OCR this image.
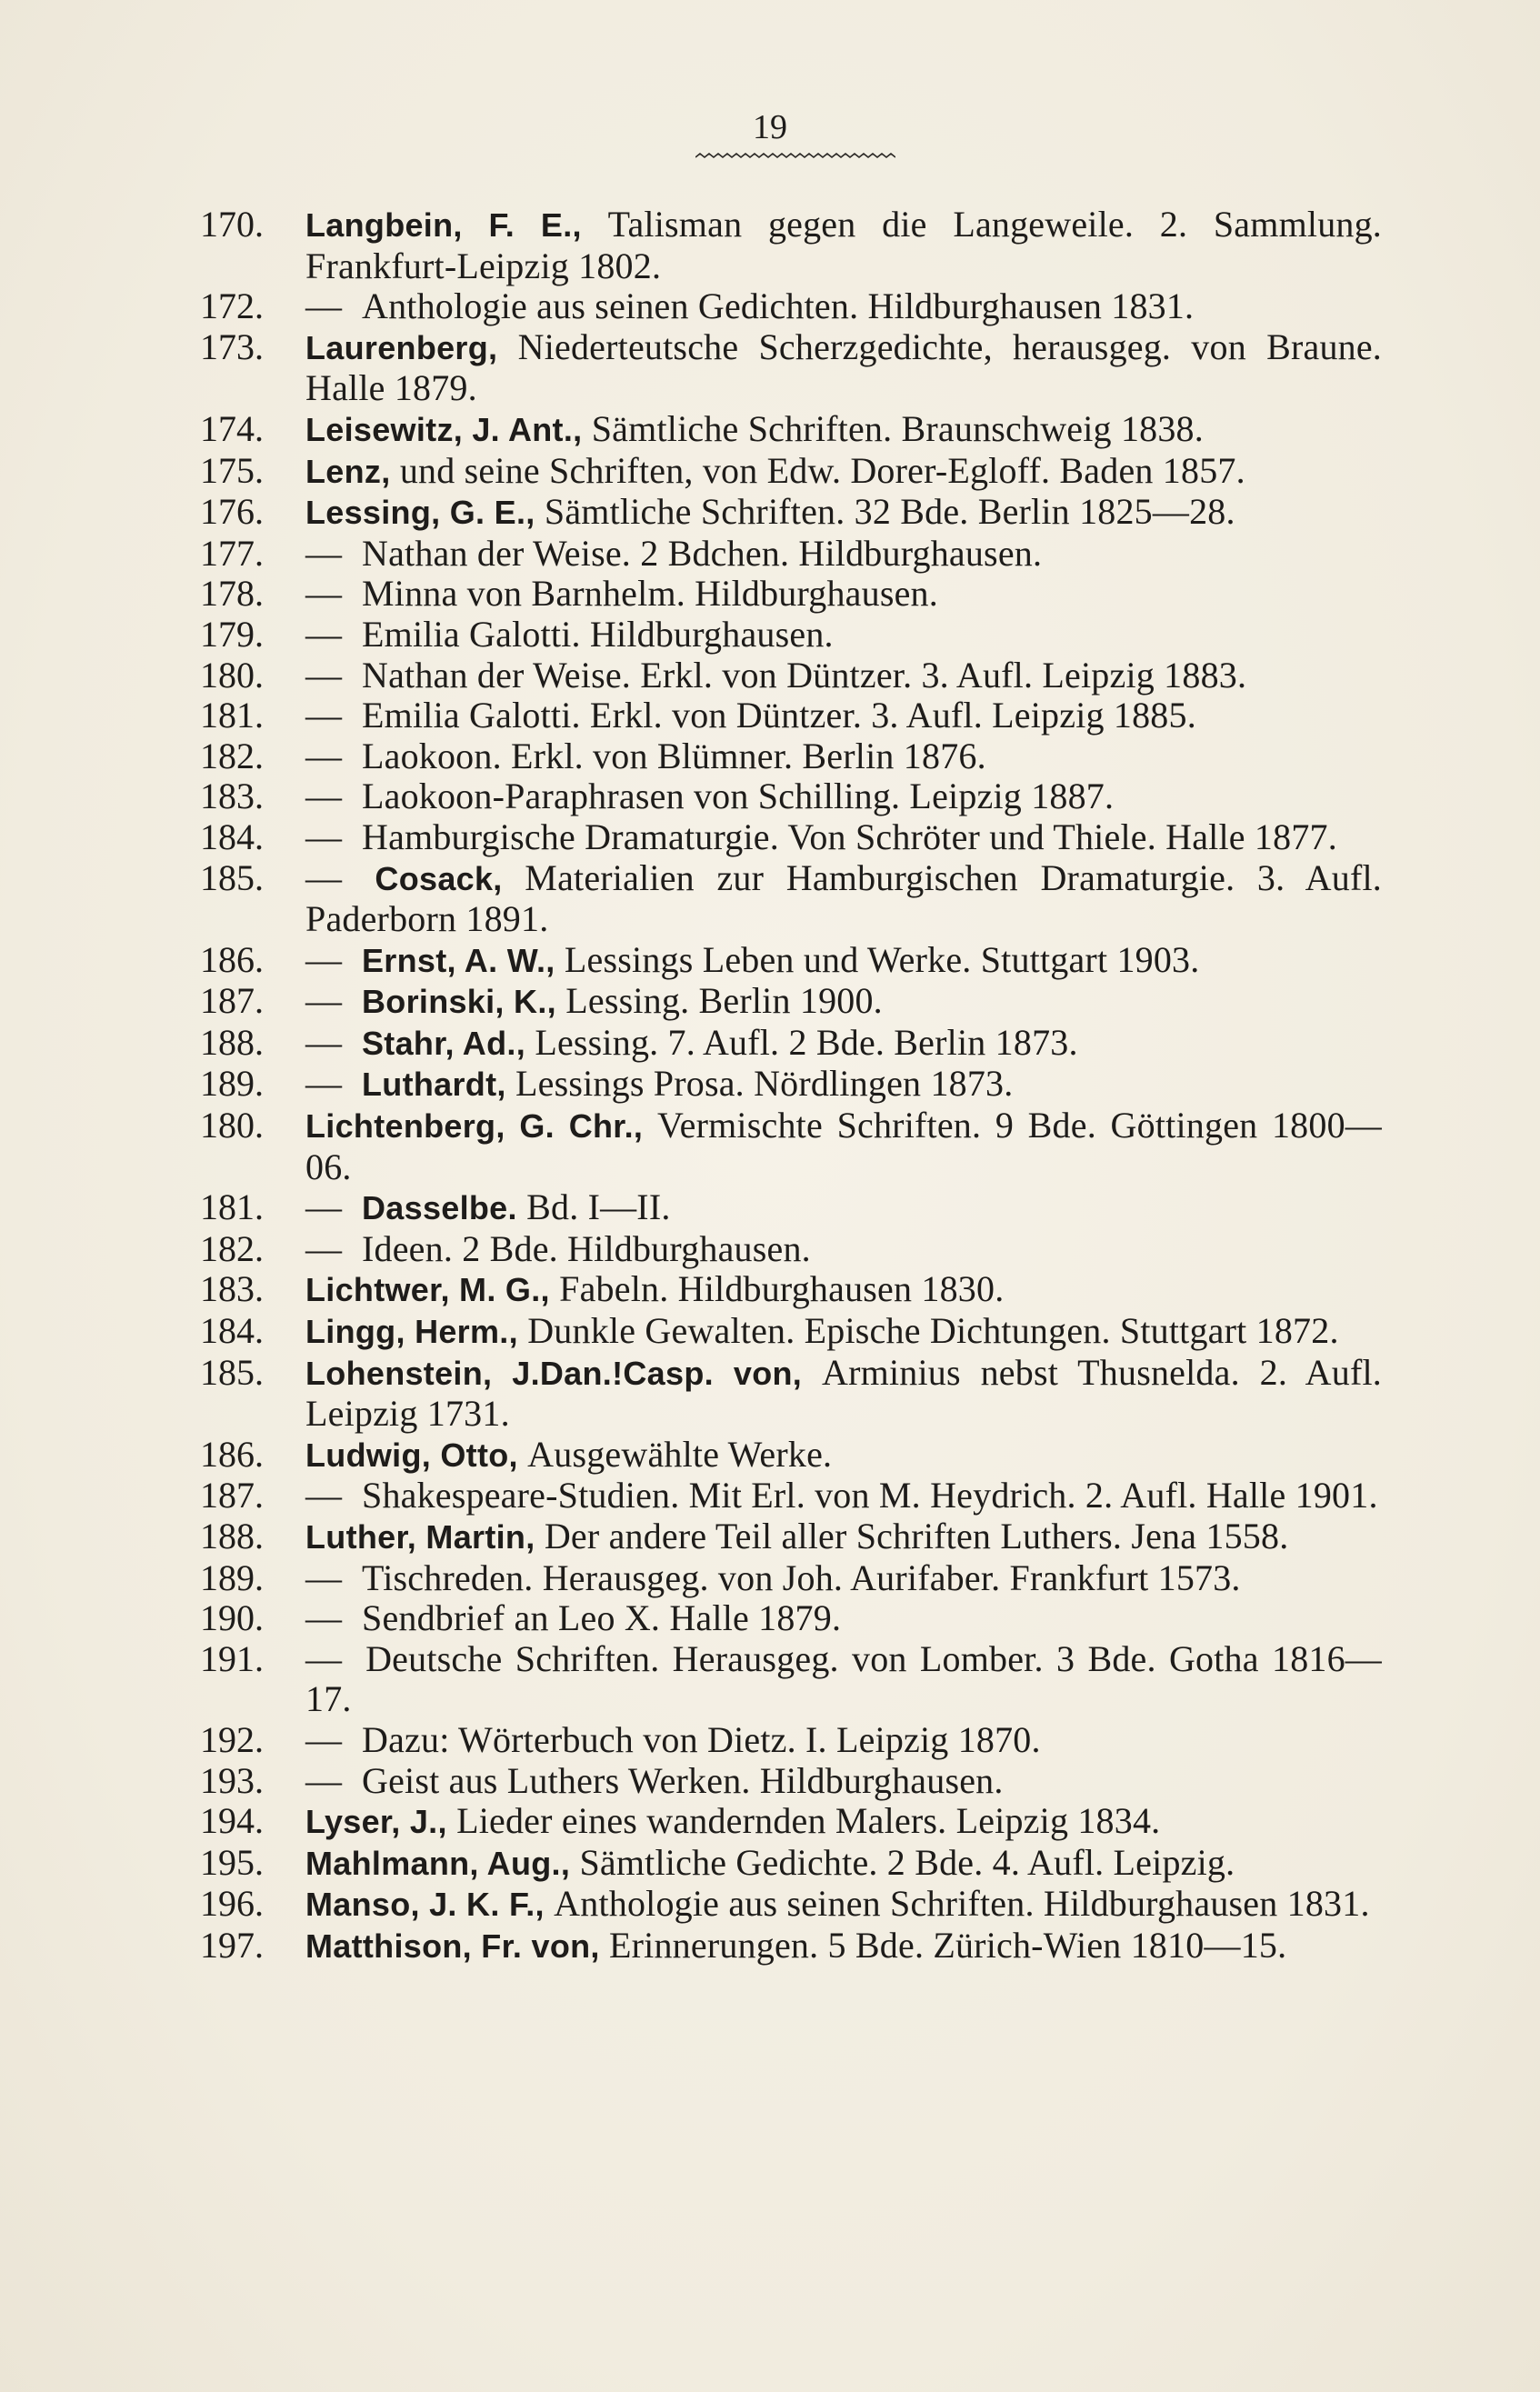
19
170.	Langbein, F. E., Talisman gegen die Langeweile. 2. Sammlung. Frankfurt-Leipzig 1802.
172.	— Anthologie aus seinen Gedichten. Hildburghausen 1831.
173.	Laurenberg, Niederteutsche Scherzgedichte, herausgeg. von Braune. Halle 1879.
174.	Leisewitz, J. Ant., Sämtliche Schriften. Braunschweig 1838.
175.	Lenz, und seine Schriften, von Edw. Dorer-Egloff. Baden 1857.
176.	Lessing, G. E., Sämtliche Schriften. 32 Bde. Berlin 1825—28.
177.	— Nathan der Weise. 2 Bdchen. Hildburghausen.
178.	— Minna von Barnhelm. Hildburghausen.
179.	— Emilia Galotti. Hildburghausen.
180.	— Nathan der Weise. Erkl. von Düntzer. 3. Aufl. Leipzig 1883.
181.	— Emilia Galotti. Erkl. von Düntzer. 3. Aufl. Leipzig 1885.
182.	— Laokoon. Erkl. von Blümner. Berlin 1876.
183.	— Laokoon-Paraphrasen von Schilling. Leipzig 1887.
184.	— Hamburgische Dramaturgie. Von Schröter und Thiele. Halle 1877.
185.	— Cosack, Materialien zur Hamburgischen Dramaturgie. 3. Aufl. Paderborn 1891.
186.	— Ernst, A. W., Lessings Leben und Werke. Stuttgart 1903.
187.	— Borinski, K., Lessing. Berlin 1900.
188.	— Stahr, Ad., Lessing. 7. Aufl. 2 Bde. Berlin 1873.
189.	— Luthardt, Lessings Prosa. Nördlingen 1873.
180.	Lichtenberg, G. Chr., Vermischte Schriften. 9 Bde. Göttingen 1800—06.
181.	— Dasselbe. Bd. I—II.
182.	— Ideen. 2 Bde. Hildburghausen.
183.	Lichtwer, M. G., Fabeln. Hildburghausen 1830.
184.	Lingg, Herm., Dunkle Gewalten. Epische Dichtungen. Stuttgart 1872.
185.	Lohenstein, J.Dan.!Casp. von, Arminius nebst Thusnelda. 2. Aufl. Leipzig 1731.
186.	Ludwig, Otto, Ausgewählte Werke.
187.	— Shakespeare-Studien. Mit Erl. von M. Heydrich. 2. Aufl. Halle 1901.
188.	Luther, Martin, Der andere Teil aller Schriften Luthers. Jena 1558.
189.	— Tischreden. Herausgeg. von Joh. Aurifaber. Frankfurt 1573.
190.	— Sendbrief an Leo X. Halle 1879.
191.	— Deutsche Schriften. Herausgeg. von Lomber. 3 Bde. Gotha 1816—17.
192.	— Dazu: Wörterbuch von Dietz. I. Leipzig 1870.
193.	— Geist aus Luthers Werken. Hildburghausen.
194.	Lyser, J., Lieder eines wandernden Malers. Leipzig 1834.
195.	Mahlmann, Aug., Sämtliche Gedichte. 2 Bde. 4. Aufl. Leipzig.
196.	Manso, J. K. F., Anthologie aus seinen Schriften. Hildburghausen 1831.
197.	Matthison, Fr. von, Erinnerungen. 5 Bde. Zürich-Wien 1810—15.
